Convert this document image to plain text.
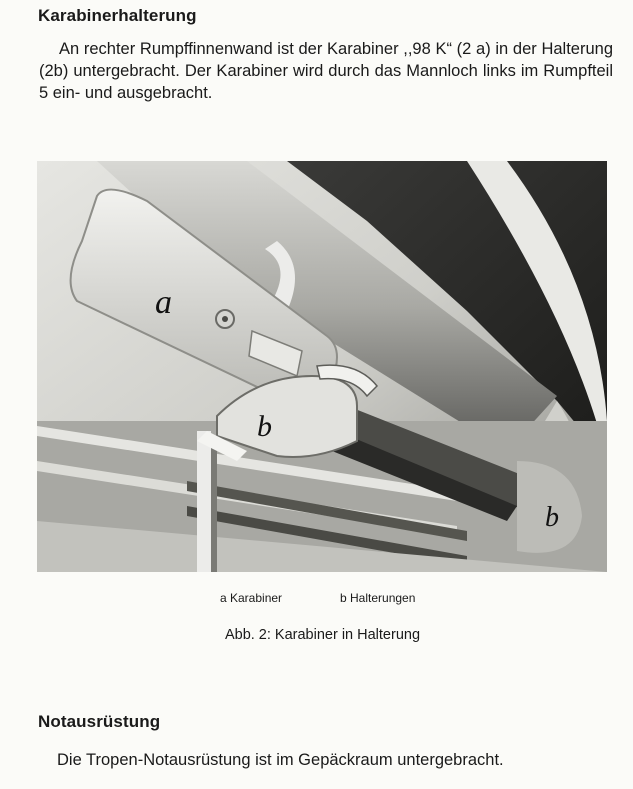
Karabinerhalterung

An rechter Rumpffinnenwand ist der Karabiner ,,98 K“ (2 a) in der Halterung (2b) untergebracht. Der Karabiner wird durch das Mannloch links im Rumpfteil 5 ein- und ausgebracht.

a
b
b
a Karabiner	b Halterungen
Abb. 2: Karabiner in Halterung
Notausrüstung

Die Tropen-Notausrüstung ist im Gepäckraum untergebracht.
